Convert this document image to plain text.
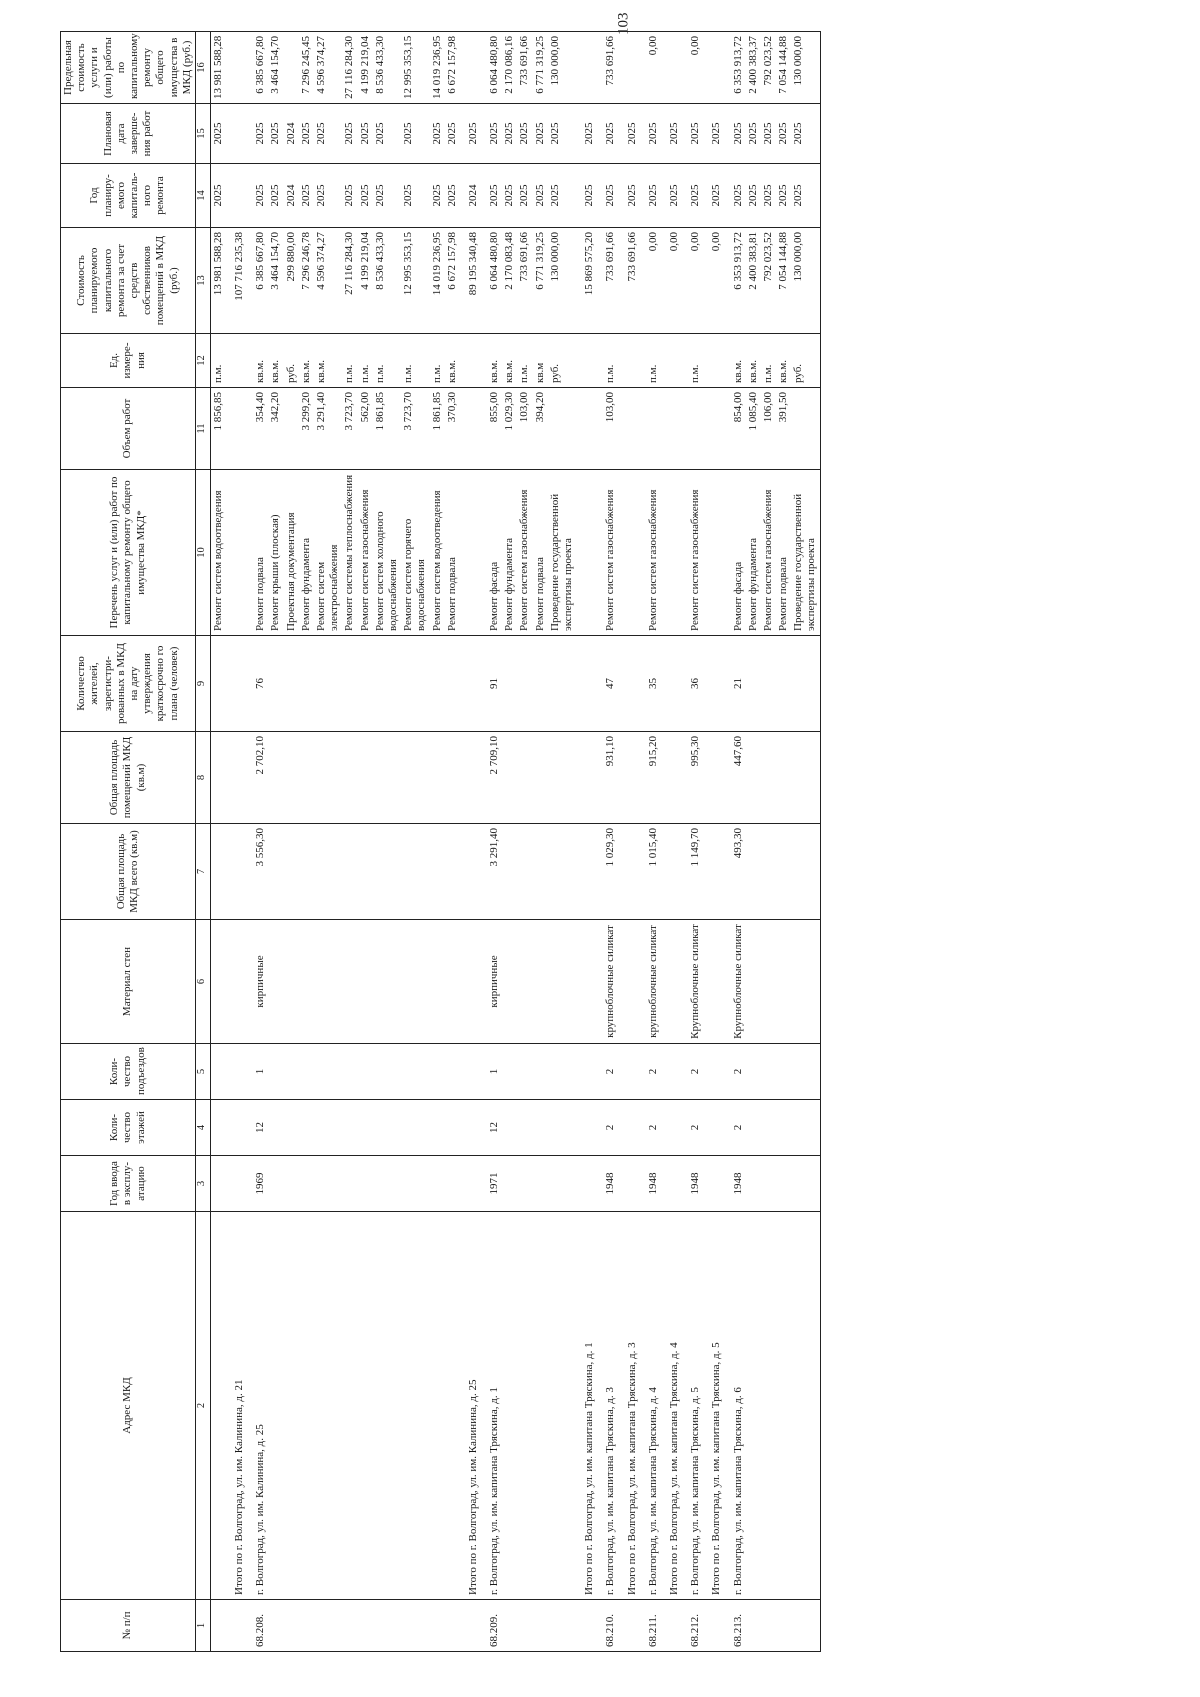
103
№ п/п	Адрес МКД	Год ввода в эксплу-атацию	Коли-чество этажей	Коли-чество подъездов	Материал стен	Общая площадь МКД всего (кв.м)	Общая площадь помещений МКД (кв.м)	Количество жителей, зарегистри-рованных в МКД на дату утверждения краткосрочно го плана (человек)	Перечень услуг и (или) работ по капитальному ремонту общего имущества МКД*	Объем работ	Ед. измере-ния	Стоимость планируемого капитального ремонта за счет средств собственников помещений в МКД (руб.)	Год планиру-емого капиталь-ного ремонта	Плановая дата заверше-ния работ	Предельная стоимость услуги и (или) работы по капитальному ремонту общего имущества в МКД (руб.)
1	2	3	4	5	6	7	8	9	10	11	12	13	14	15	16
									Ремонт систем водоотведения	1 856,85	п.м.	13 981 588,28	2025	2025	13 981 588,28

	Итого по г. Волгоград, ул. им. Калинина, д. 21											107 716 235,38			

68.208.	г. Волгоград, ул. им. Калинина, д. 25	1969	12	1	кирпичные	3 556,30	2 702,10	76	Ремонт подвала	354,40	кв.м.	6 385 667,80	2025	2025	6 385 667,80
									Ремонт крыши (плоская)	342,20	кв.м.	3 464 154,70	2025	2025	3 464 154,70
									Проектная документация		руб.	299 880,00	2024	2024	
									Ремонт фундамента	3 299,20	кв.м.	7 296 246,78	2025	2025	7 296 245,45
									Ремонт систем электроснабжения	3 291,40	кв.м.	4 596 374,27	2025	2025	4 596 374,27
									Ремонт системы теплоснабжения	3 723,70	п.м.	27 116 284,30	2025	2025	27 116 284,30
									Ремонт систем газоснабжения	562,00	п.м.	4 199 219,04	2025	2025	4 199 219,04
									Ремонт систем холодного водоснабжения	1 861,85	п.м.	8 536 433,30	2025	2025	8 536 433,30
									Ремонт систем горячего водоснабжения	3 723,70	п.м.	12 995 353,15	2025	2025	12 995 353,15
									Ремонт систем водоотведения	1 861,85	п.м.	14 019 236,95	2025	2025	14 019 236,95
									Ремонт подвала	370,30	кв.м.	6 672 157,98	2025	2025	6 672 157,98

	Итого по г. Волгоград, ул. им. Калинина, д. 25											89 195 340,48	2024	2025	

68.209.	г. Волгоград, ул. им. капитана Тряскина, д. 1	1971	12	1	кирпичные	3 291,40	2 709,10	91	Ремонт фасада	855,00	кв.м.	6 064 480,80	2025	2025	6 064 480,80
									Ремонт фундамента	1 029,30	кв.м.	2 170 083,48	2025	2025	2 170 086,16
									Ремонт систем газоснабжения	103,00	п.м.	733 691,66	2025	2025	733 691,66
									Ремонт подвала	394,20	кв.м	6 771 319,25	2025	2025	6 771 319,25
									Проведение государственной экспертизы проекта		руб.	130 000,00	2025	2025	130 000,00

	Итого по г. Волгоград, ул. им. капитана Тряскина, д. 1											15 869 575,20	2025	2025	

68.210.	г. Волгоград, ул. им. капитана Тряскина, д. 3	1948	2	2	крупноблочные силикат	1 029,30	931,10	47	Ремонт систем газоснабжения	103,00	п.м.	733 691,66	2025	2025	733 691,66

	Итого по г. Волгоград, ул. им. капитана Тряскина, д. 3											733 691,66	2025	2025	

68.211.	г. Волгоград, ул. им. капитана Тряскина, д. 4	1948	2	2	крупноблочные силикат	1 015,40	915,20	35	Ремонт систем газоснабжения		п.м.	0,00	2025	2025	0,00

	Итого по г. Волгоград, ул. им. капитана Тряскина, д. 4											0,00	2025	2025	

68.212.	г. Волгоград, ул. им. капитана Тряскина, д. 5	1948	2	2	Крупноблочные силикат	1 149,70	995,30	36	Ремонт систем газоснабжения		п.м.	0,00	2025	2025	0,00

	Итого по г. Волгоград, ул. им. капитана Тряскина, д. 5											0,00	2025	2025	

68.213.	г. Волгоград, ул. им. капитана Тряскина, д. 6	1948	2	2	Крупноблочные силикат	493,30	447,60	21	Ремонт фасада	854,00	кв.м.	6 353 913,72	2025	2025	6 353 913,72
									Ремонт фундамента	1 085,40	кв.м.	2 400 383,81	2025	2025	2 400 383,37
									Ремонт систем газоснабжения	106,00	п.м.	792 023,52	2025	2025	792 023,52
									Ремонт подвала	391,50	кв.м.	7 054 144,88	2025	2025	7 054 144,88
									Проведение государственной экспертизы проекта		руб.	130 000,00	2025	2025	130 000,00
